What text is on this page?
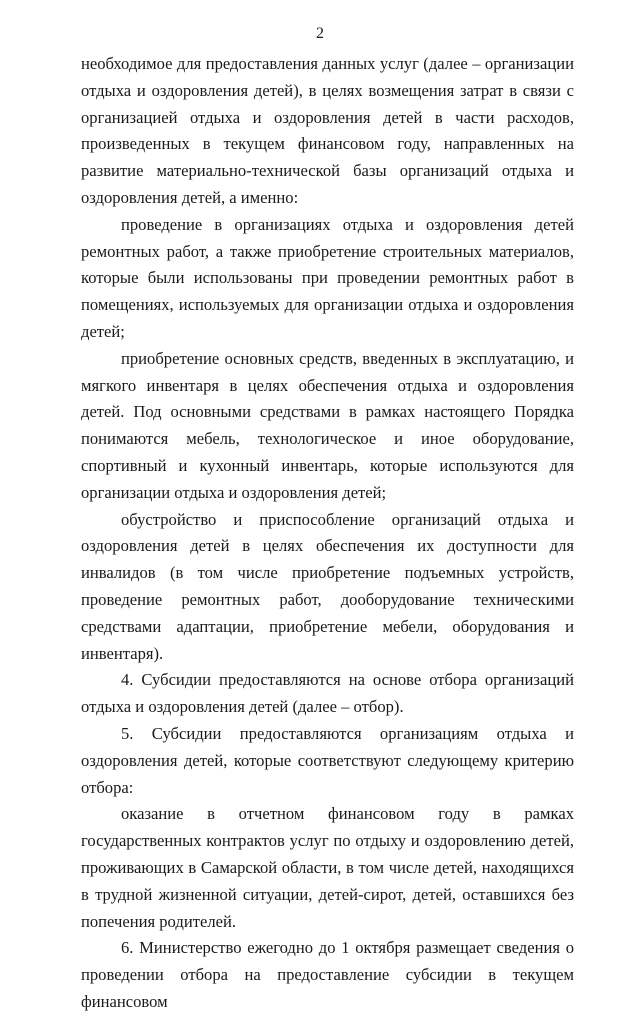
2

необходимое для предоставления данных услуг (далее – организации отдыха и оздоровления детей), в целях возмещения затрат в связи с организацией отдыха и оздоровления детей в части расходов, произведенных в текущем финансовом году, направленных на развитие материально-технической базы организаций отдыха и оздоровления детей, а именно:

проведение в организациях отдыха и оздоровления детей ремонтных работ, а также приобретение строительных материалов, которые были использованы при проведении ремонтных работ в помещениях, используемых для организации отдыха и оздоровления детей;

приобретение основных средств, введенных в эксплуатацию, и мягкого инвентаря в целях обеспечения отдыха и оздоровления детей. Под основными средствами в рамках настоящего Порядка понимаются мебель, технологическое и иное оборудование, спортивный и кухонный инвентарь, которые используются для организации отдыха и оздоровления детей;

обустройство и приспособление организаций отдыха и оздоровления детей в целях обеспечения их доступности для инвалидов (в том числе приобретение подъемных устройств, проведение ремонтных работ, дооборудование техническими средствами адаптации, приобретение мебели, оборудования и инвентаря).

4. Субсидии предоставляются на основе отбора организаций отдыха и оздоровления детей (далее – отбор).

5. Субсидии предоставляются организациям отдыха и оздоровления детей, которые соответствуют следующему критерию отбора:

оказание в отчетном финансовом году в рамках государственных контрактов услуг по отдыху и оздоровлению детей, проживающих в Самарской области, в том числе детей, находящихся в трудной жизненной ситуации, детей-сирот, детей, оставшихся без попечения родителей.

6. Министерство ежегодно до 1 октября размещает сведения о проведении отбора на предоставление субсидии в текущем финансовом
